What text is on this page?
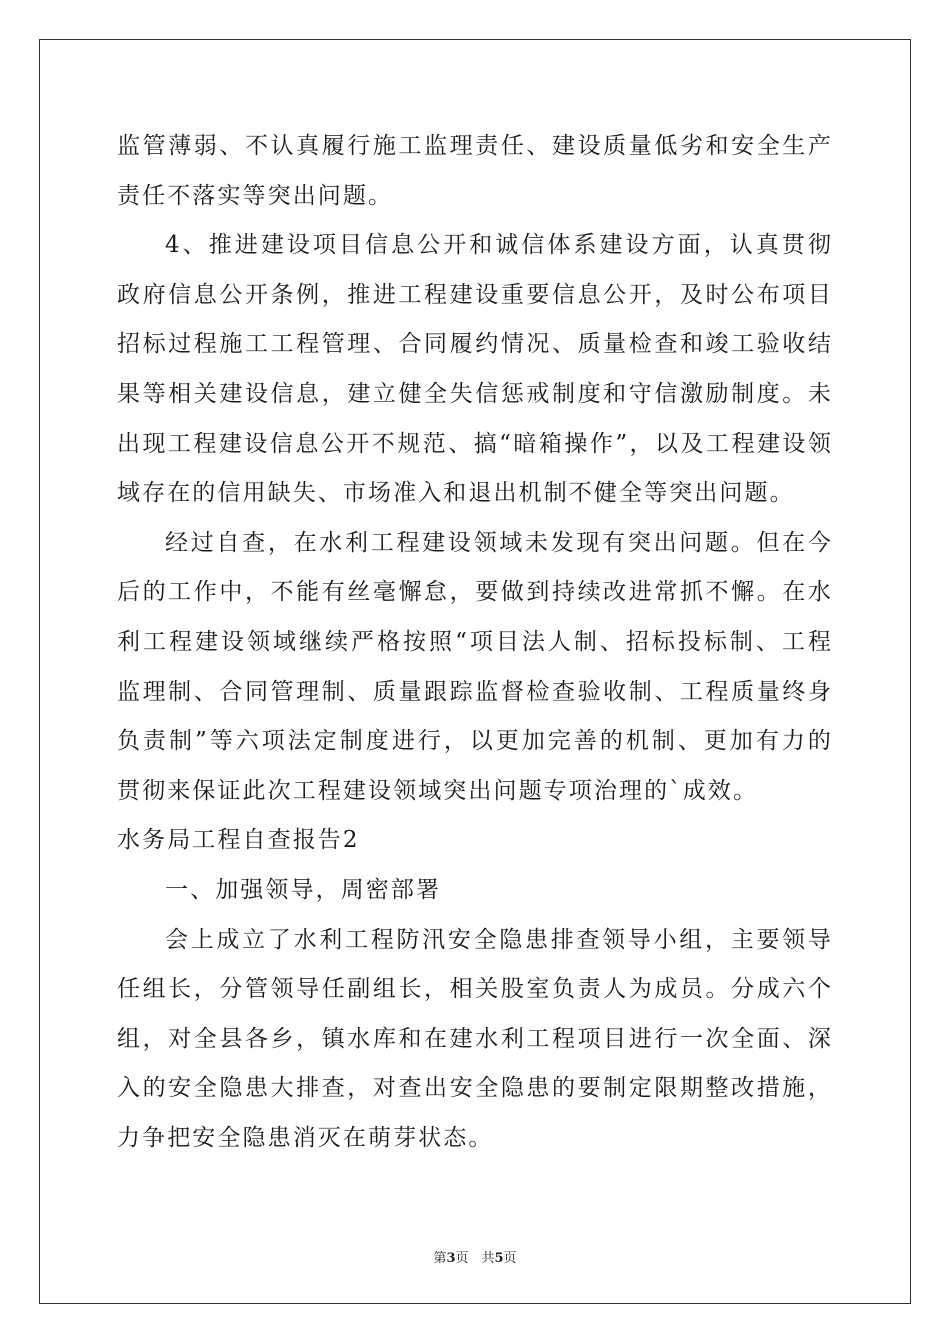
监管薄弱、不认真履行施工监理责任、建设质量低劣和安全生产责任不落实等突出问题。

4、推进建设项目信息公开和诚信体系建设方面，认真贯彻政府信息公开条例，推进工程建设重要信息公开，及时公布项目招标过程施工工程管理、合同履约情况、质量检查和竣工验收结果等相关建设信息，建立健全失信惩戒制度和守信激励制度。未出现工程建设信息公开不规范、搞“暗箱操作”，以及工程建设领域存在的信用缺失、市场准入和退出机制不健全等突出问题。

经过自查，在水利工程建设领域未发现有突出问题。但在今后的工作中，不能有丝毫懈怠，要做到持续改进常抓不懈。在水利工程建设领域继续严格按照“项目法人制、招标投标制、工程监理制、合同管理制、质量跟踪监督检查验收制、工程质量终身负责制”等六项法定制度进行，以更加完善的机制、更加有力的贯彻来保证此次工程建设领域突出问题专项治理的`成效。

水务局工程自查报告2

一、加强领导，周密部署

会上成立了水利工程防汛安全隐患排查领导小组，主要领导任组长，分管领导任副组长，相关股室负责人为成员。分成六个组，对全县各乡，镇水库和在建水利工程项目进行一次全面、深入的安全隐患大排查，对查出安全隐患的要制定限期整改措施，力争把安全隐患消灭在萌芽状态。

第3页　共5页
